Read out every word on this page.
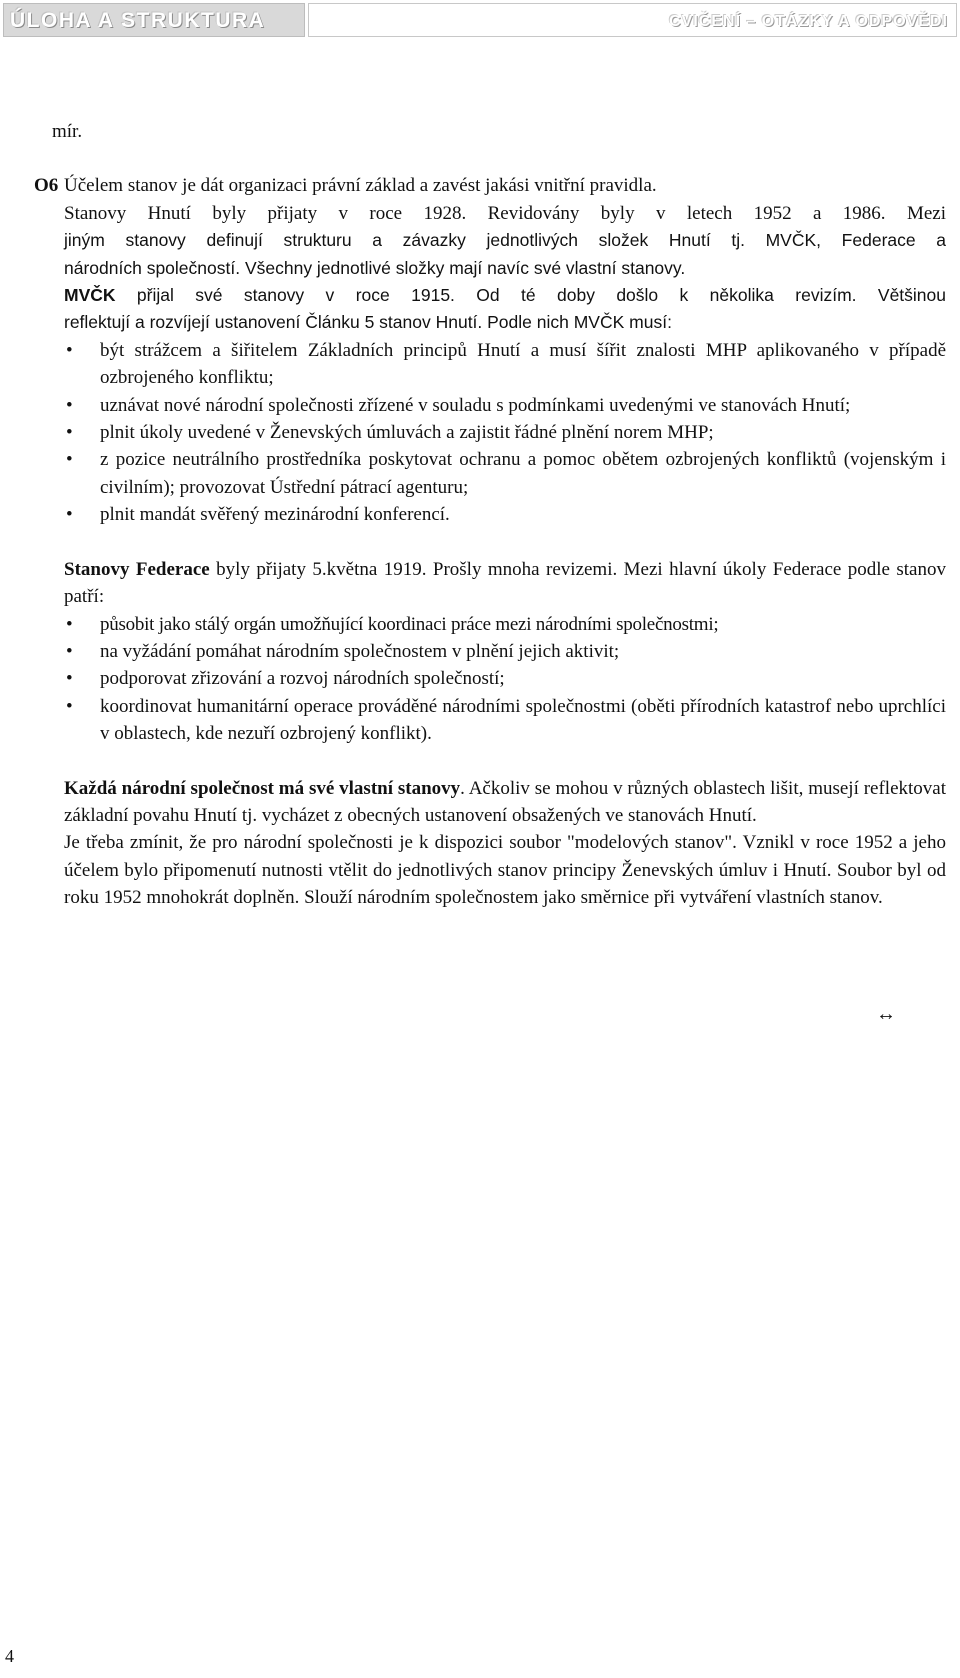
ÚLOHA A STRUKTURA	CVIČENÍ – OTÁZKY A ODPOVĚDI

mír.

O6 Účelem stanov je dát organizaci právní základ a zavést jakási vnitřní pravidla.

Stanovy Hnutí byly přijaty v roce 1928. Revidovány byly v letech 1952 a 1986. Mezi

jiným stanovy definují strukturu a závazky jednotlivých složek Hnutí tj. MVČK, Federace a

národních společností. Všechny jednotlivé složky mají navíc své vlastní stanovy.

MVČK přijal své stanovy v roce 1915. Od té doby došlo k několika revizím. Většinou

reflektují a rozvíjejí ustanovení Článku 5 stanov Hnutí. Podle nich MVČK musí:

• být strážcem a šiřitelem Základních principů Hnutí a musí šířit znalosti MHP aplikovaného v případě ozbrojeného konfliktu;
• uznávat nové národní společnosti zřízené v souladu s podmínkami uvedenými ve stanovách Hnutí;
• plnit úkoly uvedené v Ženevských úmluvách a zajistit řádné plnění norem MHP;
• z pozice neutrálního prostředníka poskytovat ochranu a pomoc obětem ozbrojených konfliktů (vojenským i civilním); provozovat Ústřední pátrací agenturu;
• plnit mandát svěřený mezinárodní konferencí.

Stanovy Federace byly přijaty 5.května 1919. Prošly mnoha revizemi. Mezi hlavní úkoly Federace podle stanov patří:

• působit jako stálý orgán umožňující koordinaci práce mezi národními společnostmi;
• na vyžádání pomáhat národním společnostem v plnění jejich aktivit;
• podporovat zřizování a rozvoj národních společností;
• koordinovat humanitární operace prováděné národními společnostmi (oběti přírodních katastrof nebo uprchlíci v oblastech, kde nezuří ozbrojený konflikt).

Každá národní společnost má své vlastní stanovy. Ačkoliv se mohou v různých oblastech lišit, musejí reflektovat základní povahu Hnutí tj. vycházet z obecných ustanovení obsažených ve stanovách Hnutí.

Je třeba zmínit, že pro národní společnosti je k dispozici soubor "modelových stanov". Vznikl v roce 1952 a jeho účelem bylo připomenutí nutnosti vtělit do jednotlivých stanov principy Ženevských úmluv i Hnutí. Soubor byl od roku 1952 mnohokrát doplněn. Slouží národním společnostem jako směrnice při vytváření vlastních stanov.

↔
4
